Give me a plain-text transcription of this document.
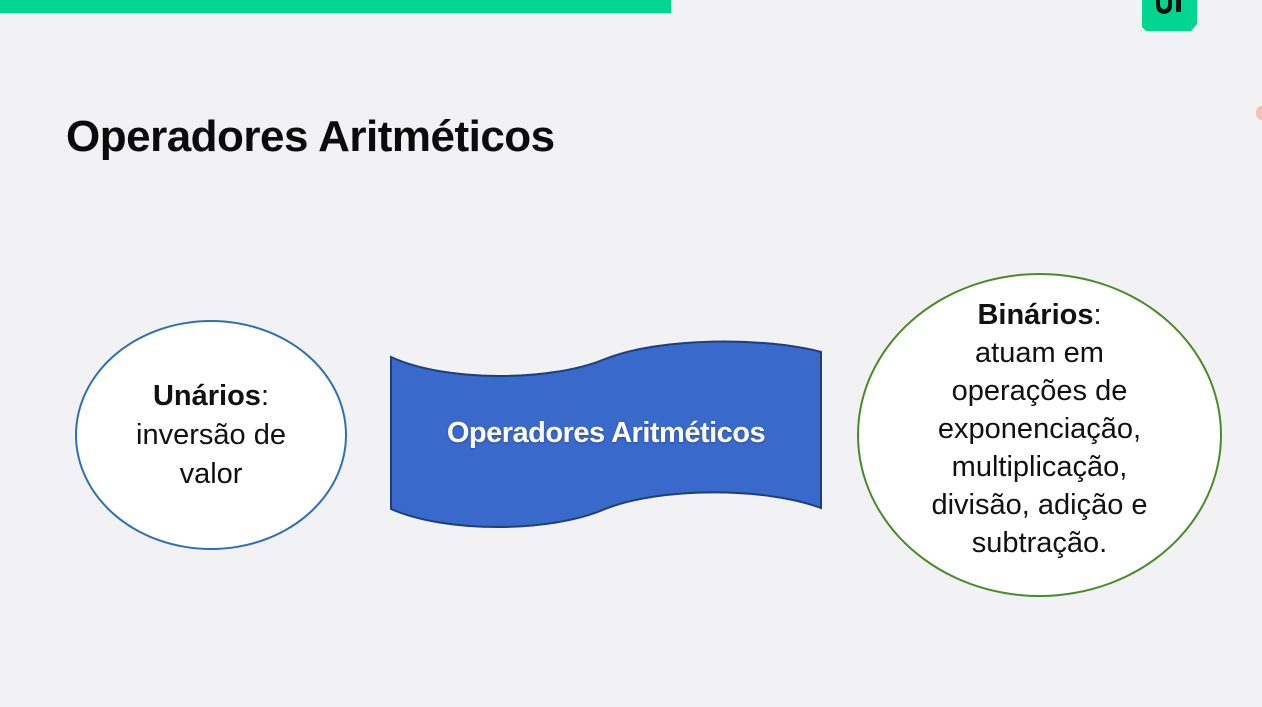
Operadores Aritméticos
Unários:
inversão de
valor
Operadores Aritméticos
Binários:
atuam em
operações de
exponenciação,
multiplicação,
divisão, adição e
subtração.
